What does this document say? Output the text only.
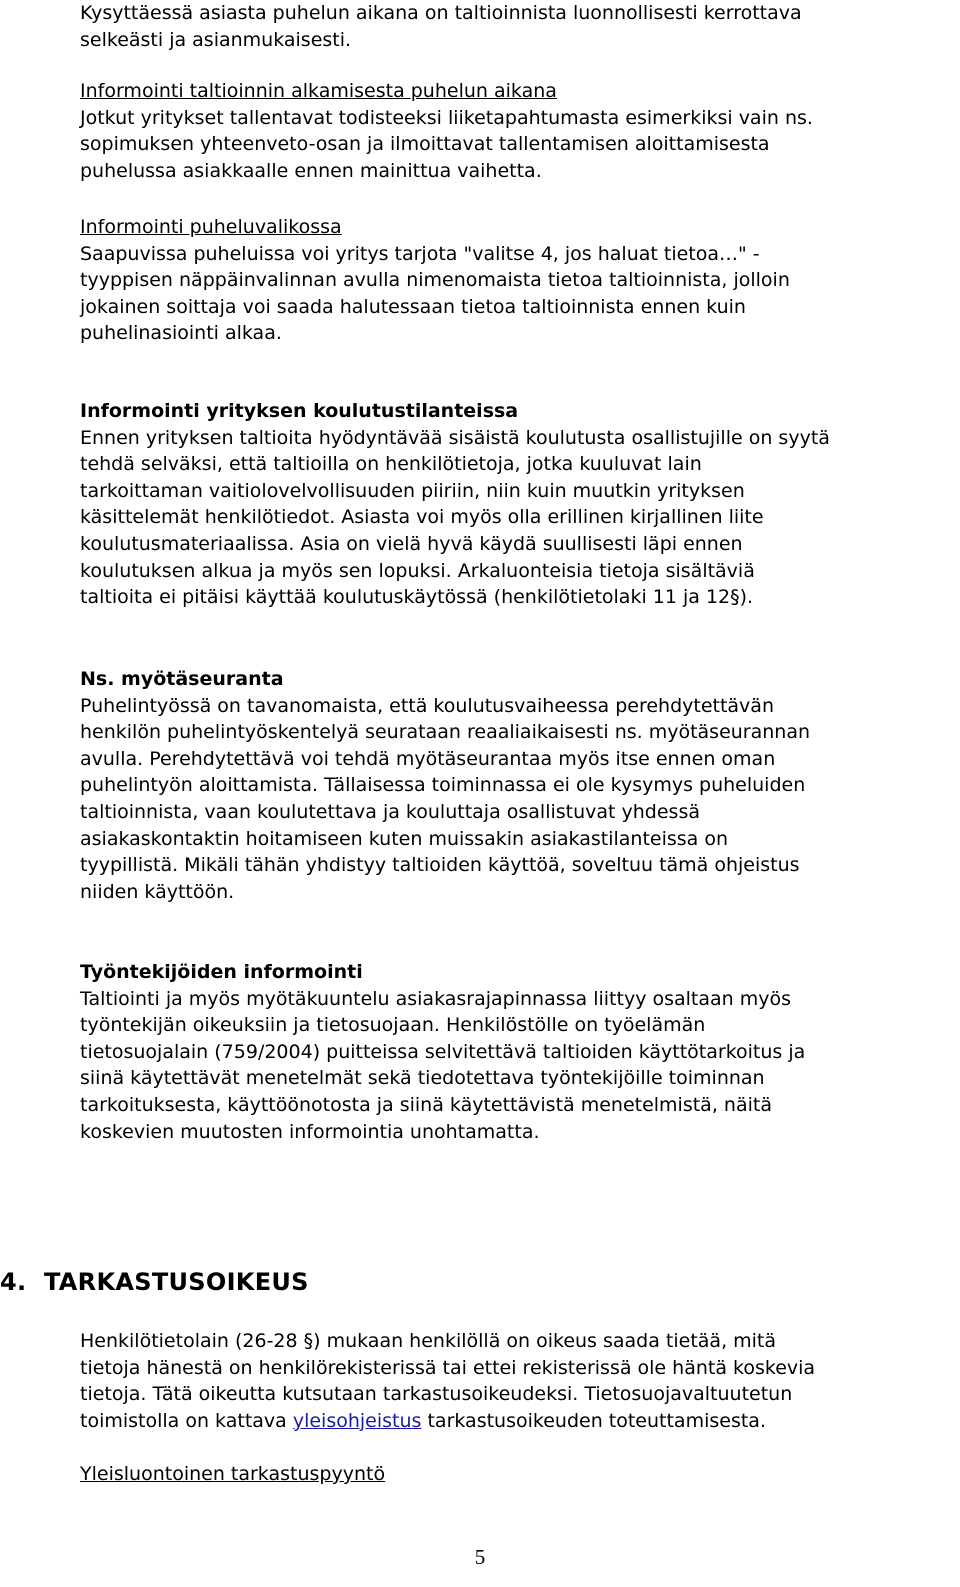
Kysyttäessä asiasta puhelun aikana on taltioinnista luonnollisesti kerrottava
selkeästi ja asianmukaisesti.
Informointi taltioinnin alkamisesta puhelun aikana
Jotkut yritykset tallentavat todisteeksi liiketapahtumasta esimerkiksi vain ns.
sopimuksen yhteenveto-osan ja ilmoittavat tallentamisen aloittamisesta
puhelussa asiakkaalle ennen mainittua vaihetta.
Informointi puheluvalikossa
Saapuvissa puheluissa voi yritys tarjota "valitse 4, jos haluat tietoa…" -
tyyppisen näppäinvalinnan avulla nimenomaista tietoa taltioinnista, jolloin
jokainen soittaja voi saada halutessaan tietoa taltioinnista ennen kuin
puhelinasiointi alkaa.
Informointi yrityksen koulutustilanteissa
Ennen yrityksen taltioita hyödyntävää sisäistä koulutusta osallistujille on syytä
tehdä selväksi, että taltioilla on henkilötietoja, jotka kuuluvat lain
tarkoittaman vaitiolovelvollisuuden piiriin, niin kuin muutkin yrityksen
käsittelemät henkilötiedot. Asiasta voi myös olla erillinen kirjallinen liite
koulutusmateriaalissa. Asia on vielä hyvä käydä suullisesti läpi ennen
koulutuksen alkua ja myös sen lopuksi. Arkaluonteisia tietoja sisältäviä
taltioita ei pitäisi käyttää koulutuskäytössä (henkilötietolaki 11 ja 12§).
Ns. myötäseuranta
Puhelintyössä on tavanomaista, että koulutusvaiheessa perehdytettävän
henkilön puhelintyöskentelyä seurataan reaaliaikaisesti ns. myötäseurannan
avulla. Perehdytettävä voi tehdä myötäseurantaa myös itse ennen oman
puhelintyön aloittamista. Tällaisessa toiminnassa ei ole kysymys puheluiden
taltioinnista, vaan koulutettava ja kouluttaja osallistuvat yhdessä
asiakaskontaktin hoitamiseen kuten muissakin asiakastilanteissa on
tyypillistä. Mikäli tähän yhdistyy taltioiden käyttöä, soveltuu tämä ohjeistus
niiden käyttöön.
Työntekijöiden informointi
Taltiointi ja myös myötäkuuntelu asiakasrajapinnassa liittyy osaltaan myös
työntekijän oikeuksiin ja tietosuojaan. Henkilöstölle on työelämän
tietosuojalain (759/2004) puitteissa selvitettävä taltioiden käyttötarkoitus ja
siinä käytettävät menetelmät sekä tiedotettava työntekijöille toiminnan
tarkoituksesta, käyttöönotosta ja siinä käytettävistä menetelmistä, näitä
koskevien muutosten informointia unohtamatta.
4. TARKASTUSOIKEUS
Henkilötietolain (26-28 §) mukaan henkilöllä on oikeus saada tietää, mitä
tietoja hänestä on henkilörekisterissä tai ettei rekisterissä ole häntä koskevia
tietoja. Tätä oikeutta kutsutaan tarkastusoikeudeksi. Tietosuojavaltuutetun
toimistolla on kattava yleisohjeistus tarkastusoikeuden toteuttamisesta.
Yleisluontoinen tarkastuspyyntö
5
